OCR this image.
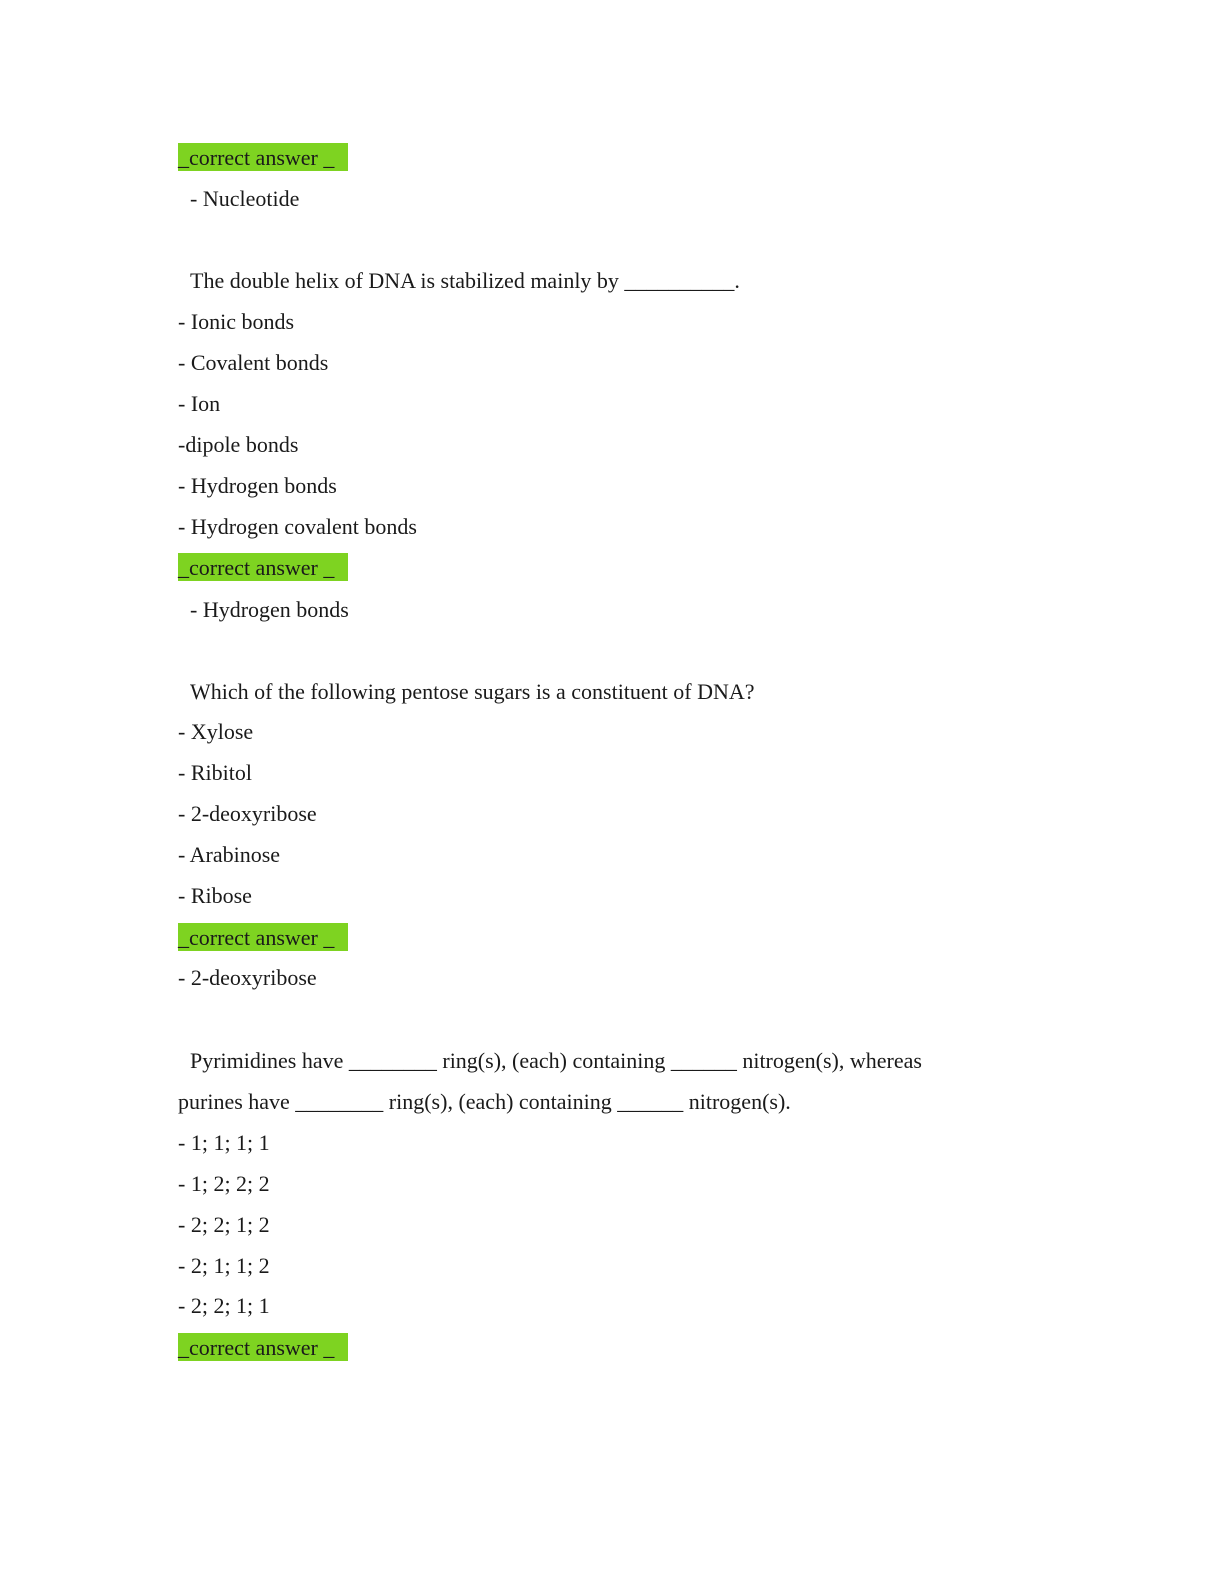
_correct answer _
- Nucleotide
The double helix of DNA is stabilized mainly by __________.
- Ionic bonds
- Covalent bonds
- Ion
-dipole bonds
- Hydrogen bonds
- Hydrogen covalent bonds
_correct answer _
- Hydrogen bonds
Which of the following pentose sugars is a constituent of DNA?
- Xylose
- Ribitol
- 2-deoxyribose
- Arabinose
- Ribose
_correct answer _
- 2-deoxyribose
Pyrimidines have ________ ring(s), (each) containing ______ nitrogen(s), whereas
purines have ________ ring(s), (each) containing ______ nitrogen(s).
- 1; 1; 1; 1
- 1; 2; 2; 2
- 2; 2; 1; 2
- 2; 1; 1; 2
- 2; 2; 1; 1
_correct answer _
